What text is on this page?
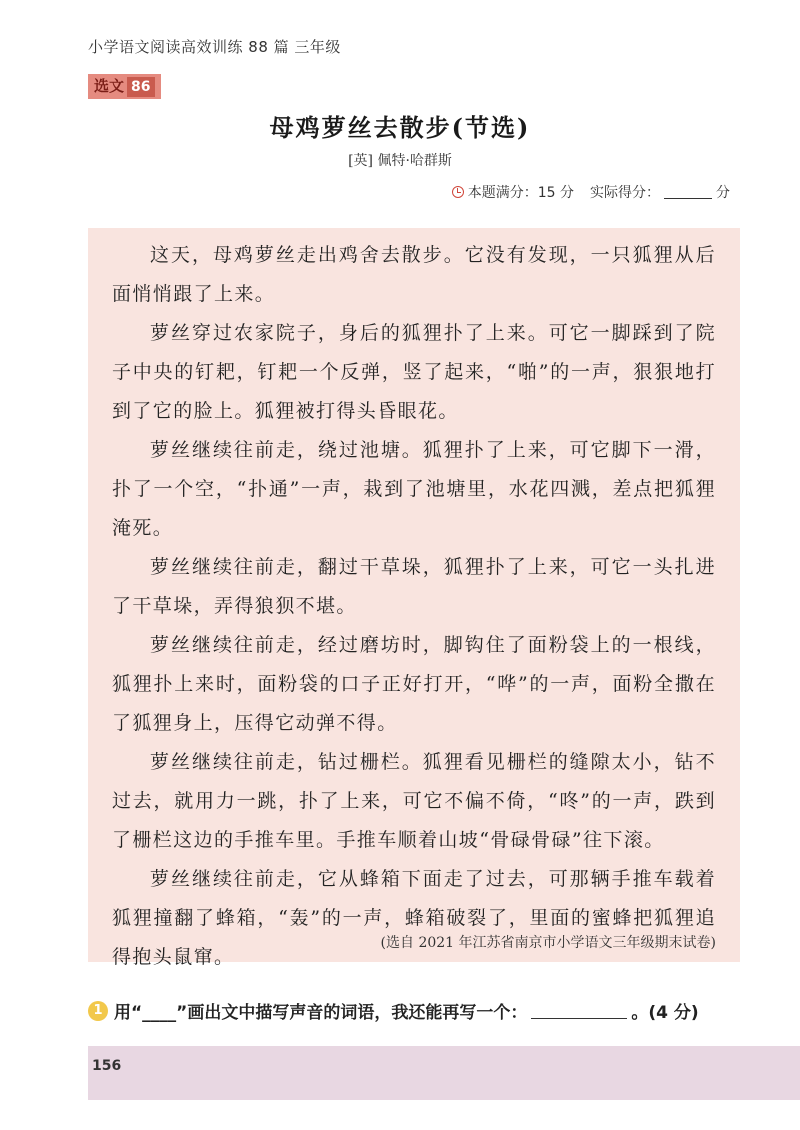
小学语文阅读高效训练 88 篇 三年级
选文 86
母鸡萝丝去散步(节选)
[英] 佩特·哈群斯
本题满分：15 分 实际得分：	分

这天，母鸡萝丝走出鸡舍去散步。它没有发现，一只狐狸从后面悄悄跟了上来。

萝丝穿过农家院子，身后的狐狸扑了上来。可它一脚踩到了院子中央的钉耙，钉耙一个反弹，竖了起来，“啪”的一声，狠狠地打到了它的脸上。狐狸被打得头昏眼花。

萝丝继续往前走，绕过池塘。狐狸扑了上来，可它脚下一滑，扑了一个空，“扑通”一声，栽到了池塘里，水花四溅，差点把狐狸淹死。

萝丝继续往前走，翻过干草垛，狐狸扑了上来，可它一头扎进了干草垛，弄得狼狈不堪。

萝丝继续往前走，经过磨坊时，脚钩住了面粉袋上的一根线，狐狸扑上来时，面粉袋的口子正好打开，“哗”的一声，面粉全撒在了狐狸身上，压得它动弹不得。

萝丝继续往前走，钻过栅栏。狐狸看见栅栏的缝隙太小，钻不过去，就用力一跳，扑了上来，可它不偏不倚，“咚”的一声，跌到了栅栏这边的手推车里。手推车顺着山坡“骨碌骨碌”往下滚。

萝丝继续往前走，它从蜂箱下面走了过去，可那辆手推车载着狐狸撞翻了蜂箱，“轰”的一声，蜂箱破裂了，里面的蜜蜂把狐狸追得抱头鼠窜。

(选自 2021 年江苏省南京市小学语文三年级期末试卷)
1 用“____”画出文中描写声音的词语，我还能再写一个：	。(4 分)
156
